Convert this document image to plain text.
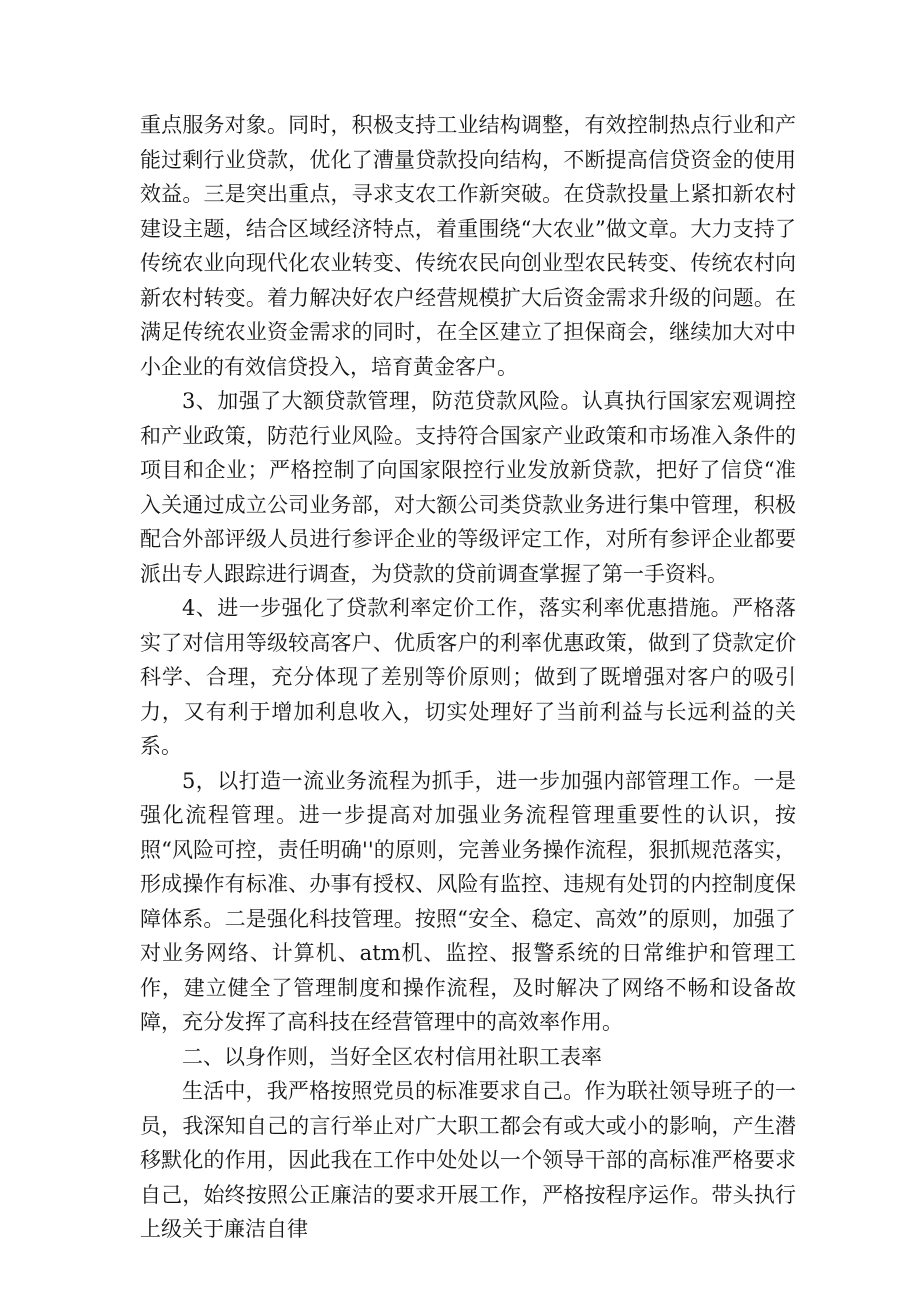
重点服务对象。同时，积极支持工业结构调整，有效控制热点行业和产能过剩行业贷款，优化了漕量贷款投向结构，不断提高信贷资金的使用效益。三是突出重点，寻求支农工作新突破。在贷款投量上紧扣新农村建设主题，结合区域经济特点，着重围绕“大农业”做文章。大力支持了传统农业向现代化农业转变、传统农民向创业型农民转变、传统农村向新农村转变。着力解决好农户经营规模扩大后资金需求升级的问题。在满足传统农业资金需求的同时，在全区建立了担保商会，继续加大对中小企业的有效信贷投入，培育黄金客户。

3、加强了大额贷款管理，防范贷款风险。认真执行国家宏观调控和产业政策，防范行业风险。支持符合国家产业政策和市场准入条件的项目和企业；严格控制了向国家限控行业发放新贷款，把好了信贷“准入关通过成立公司业务部，对大额公司类贷款业务进行集中管理，积极配合外部评级人员进行参评企业的等级评定工作，对所有参评企业都要派出专人跟踪进行调查，为贷款的贷前调查掌握了第一手资料。

4、进一步强化了贷款利率定价工作，落实利率优惠措施。严格落实了对信用等级较高客户、优质客户的利率优惠政策，做到了贷款定价科学、合理，充分体现了差别等价原则；做到了既增强对客户的吸引力，又有利于增加利息收入，切实处理好了当前利益与长远利益的关系。

5，以打造一流业务流程为抓手，进一步加强内部管理工作。一是强化流程管理。进一步提高对加强业务流程管理重要性的认识，按照“风险可控，责任明确''的原则，完善业务操作流程，狠抓规范落实，形成操作有标准、办事有授权、风险有监控、违规有处罚的内控制度保障体系。二是强化科技管理。按照“安全、稳定、高效”的原则，加强了对业务网络、计算机、atm机、监控、报警系统的日常维护和管理工作，建立健全了管理制度和操作流程，及时解决了网络不畅和设备故障，充分发挥了高科技在经营管理中的高效率作用。

二、以身作则，当好全区农村信用社职工表率

生活中，我严格按照党员的标准要求自己。作为联社领导班子的一员，我深知自己的言行举止对广大职工都会有或大或小的影响，产生潜移默化的作用，因此我在工作中处处以一个领导干部的高标准严格要求自己，始终按照公正廉洁的要求开展工作，严格按程序运作。带头执行上级关于廉洁自律
